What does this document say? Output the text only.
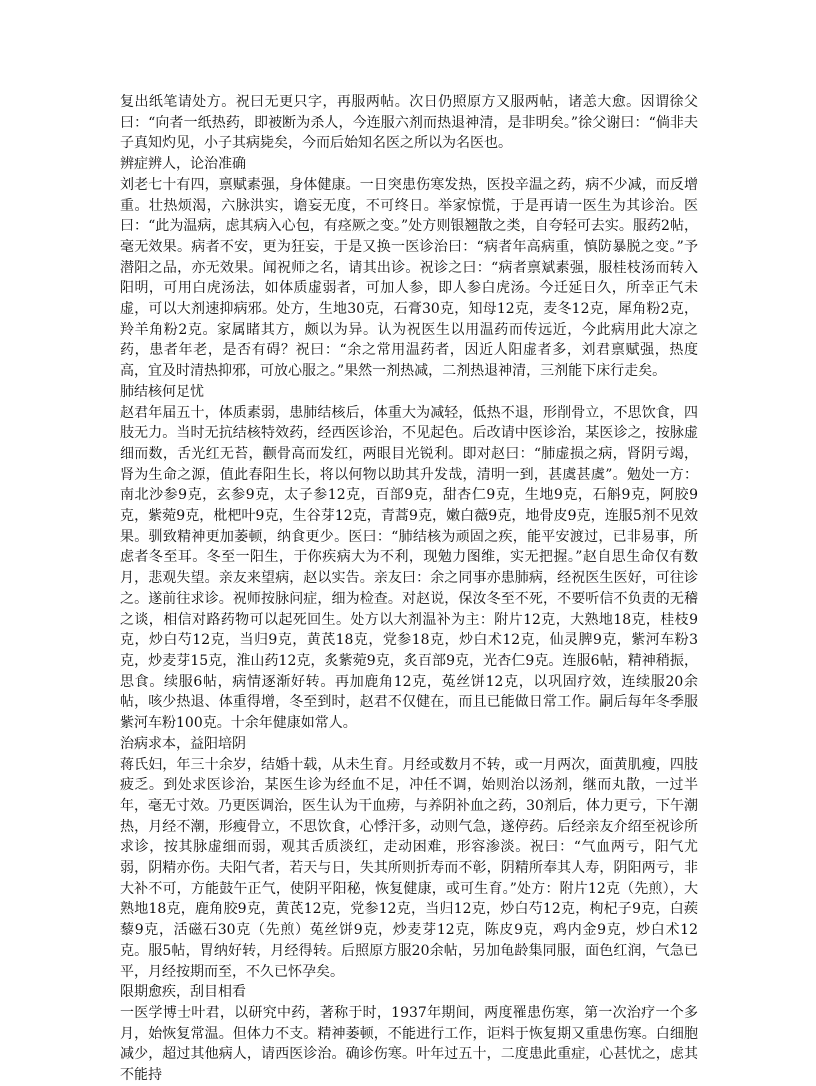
复出纸笔请处方。祝曰无更只字，再服两帖。次日仍照原方又服两帖，诸恙大愈。因谓徐父曰：“向者一纸热药，即被断为杀人，今连服六剂而热退神清，是非明矣。”徐父谢曰：“倘非夫子真知灼见，小子其病毙矣，今而后始知名医之所以为名医也。

辨症辨人，论治准确

刘老七十有四，禀赋素强，身体健康。一日突患伤寒发热，医投辛温之药，病不少减，而反增重。壮热烦渴，六脉洪实，谵妄无度，不可终日。举家惊慌，于是再请一医生为其诊治。医曰：“此为温病，虑其病入心包，有痉厥之变。”处方则银翘散之类，自夸轻可去实。服药2帖，毫无效果。病者不安，更为狂妄，于是又换一医诊治曰：“病者年高病重，慎防暴脱之变。”予潜阳之品，亦无效果。闻祝师之名，请其出诊。祝诊之曰：“病者禀斌素强，服桂枝汤而转入阳明，可用白虎汤法，如体质虚弱者，可加人参，即人参白虎汤。今迁延日久，所幸正气未虚，可以大剂速抑病邪。处方，生地30克，石膏30克，知母12克，麦冬12克，犀角粉2克，羚羊角粉2克。家属睹其方，颇以为异。认为祝医生以用温药而传远近，今此病用此大凉之药，患者年老，是否有碍？祝曰：“余之常用温药者，因近人阳虚者多，刘君禀赋强，热度高，宜及时清热抑邪，可放心服之。”果然一剂热减，二剂热退神清，三剂能下床行走矣。

肺结核何足忧

赵君年届五十，体质素弱，患肺结核后，体重大为减轻，低热不退，形削骨立，不思饮食，四肢无力。当时无抗结核特效药，经西医诊治，不见起色。后改请中医诊治，某医诊之，按脉虚细而数，舌光红无苔，颧骨高而发红，两眼目光锐利。即对赵曰：“肺虚损之病，肾阴亏竭，肾为生命之源，值此春阳生长，将以何物以助其升发哉，清明一到，甚虞甚虞”。勉处一方：南北沙参9克，玄参9克，太子参12克，百部9克，甜杏仁9克，生地9克，石斛9克，阿胶9克，紫菀9克，枇杷叶9克，生谷芽12克，青蒿9克，嫩白薇9克，地骨皮9克，连服5剂不见效果。驯致精神更加萎顿，纳食更少。医曰：“肺结核为顽固之疾，能平安渡过，已非易事，所虑者冬至耳。冬至一阳生，于你疾病大为不利，现勉力图维，实无把握。”赵自思生命仅有数月，悲观失望。亲友来望病，赵以实告。亲友曰：余之同事亦患肺病，经祝医生医好，可往诊之。遂前往求诊。祝师按脉问症，细为检查。对赵说，保汝冬至不死，不要听信不负责的无稽之谈，相信对路药物可以起死回生。处方以大剂温补为主：附片12克，大熟地18克，桂枝9克，炒白芍12克，当归9克，黄芪18克，党参18克，炒白术12克，仙灵脾9克，紫河车粉3克，炒麦芽15克，淮山药12克，炙紫菀9克，炙百部9克，光杏仁9克。连服6帖，精神稍振，思食。续服6帖，病情逐渐好转。再加鹿角12克，菟丝饼12克，以巩固疗效，连续服20余帖，咳少热退、体重得增，冬至到时，赵君不仅健在，而且已能做日常工作。嗣后每年冬季服紫河车粉100克。十余年健康如常人。

治病求本，益阳培阴

蒋氏妇，年三十余岁，结婚十载，从未生育。月经或数月不转，或一月两次，面黄肌瘦，四肢疲乏。到处求医诊治，某医生诊为经血不足，冲任不调，始则治以汤剂，继而丸散，一过半年，毫无寸效。乃更医调治，医生认为干血痨，与养阴补血之药，30剂后，体力更亏，下午潮热，月经不潮，形瘦骨立，不思饮食，心悸汗多，动则气急，遂停药。后经亲友介绍至祝诊所求诊，按其脉虚细而弱，观其舌质淡红，走动困难，形容渗淡。祝曰：“气血两亏，阳气尤弱，阴精亦伤。夫阳气者，若天与日，失其所则折寿而不彰，阴精所奉其人寿，阴阳两亏，非大补不可，方能鼓午正气，使阴平阳秘，恢复健康，或可生育。”处方：附片12克（先煎），大熟地18克，鹿角胶9克，黄芪12克，党参12克，当归12克，炒白芍12克，枸杞子9克，白蒺藜9克，活磁石30克（先煎）菟丝饼9克，炒麦芽12克，陈皮9克，鸡内金9克，炒白术12克。服5帖，胃纳好转，月经得转。后照原方服20余帖，另加龟龄集同服，面色红润，气急已平，月经按期而至，不久已怀孕矣。

限期愈疾，刮目相看

一医学博士叶君，以研究中药，著称于时，1937年期间，两度罹患伤寒，第一次治疗一个多月，始恢复常温。但体力不支。精神萎顿，不能进行工作，讵料于恢复期又重患伤寒。白细胞减少，超过其他病人，请西医诊治。确诊伤寒。叶年过五十，二度患此重症，心甚忧之，虑其不能持
